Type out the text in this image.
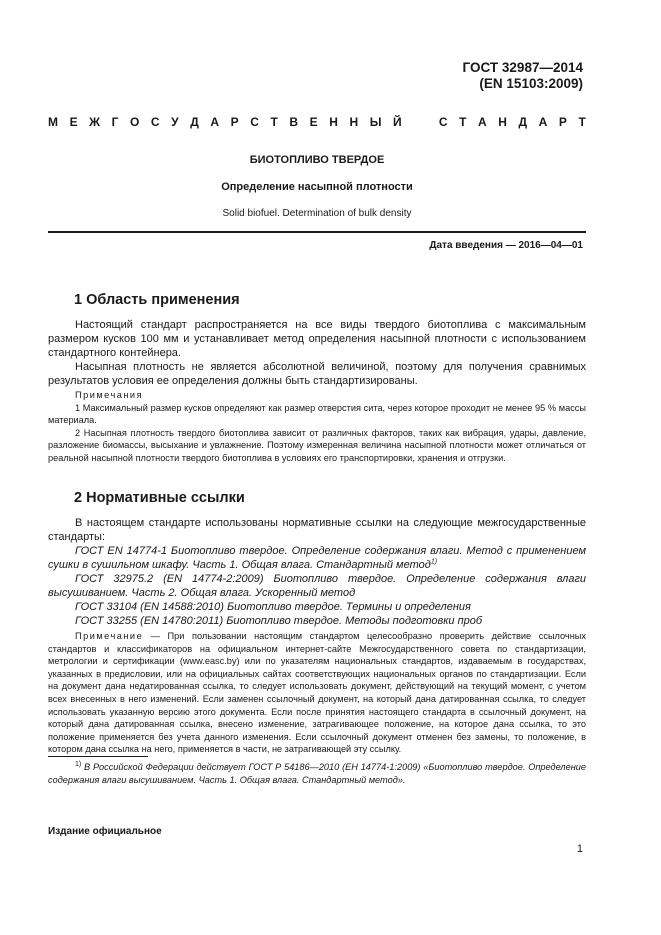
ГОСТ 32987—2014
(EN 15103:2009)
М Е Ж Г О С У Д А Р С Т В Е Н Н Ы Й	С Т А Н Д А Р Т
БИОТОПЛИВО ТВЕРДОЕ
Определение насыпной плотности
Solid biofuel. Determination of bulk density
Дата введения — 2016—04—01
1 Область применения

Настоящий стандарт распространяется на все виды твердого биотоплива с максимальным размером кусков 100 мм и устанавливает метод определения насыпной плотности с использованием стандартного контейнера.

Насыпная плотность не является абсолютной величиной, поэтому для получения сравнимых результатов условия ее определения должны быть стандартизированы.

Примечания

1 Максимальный размер кусков определяют как размер отверстия сита, через которое проходит не менее 95 % массы материала.

2 Насыпная плотность твердого биотоплива зависит от различных факторов, таких как вибрация, удары, давление, разложение биомассы, высыхание и увлажнение. Поэтому измеренная величина насыпной плотности может отличаться от реальной насыпной плотности твердого биотоплива в условиях его транспортировки, хранения и отгрузки.

2 Нормативные ссылки

В настоящем стандарте использованы нормативные ссылки на следующие межгосударственные стандарты:

ГОСТ EN 14774-1 Биотопливо твердое. Определение содержания влаги. Метод с применением сушки в сушильном шкафу. Часть 1. Общая влага. Стандартный метод$^{1)}$

ГОСТ 32975.2 (EN 14774-2:2009) Биотопливо твердое. Определение содержания влаги высушиванием. Часть 2. Общая влага. Ускоренный метод

ГОСТ 33104 (EN 14588:2010) Биотопливо твердое. Термины и определения

ГОСТ 33255 (EN 14780:2011) Биотопливо твердое. Методы подготовки проб

Примечание — При пользовании настоящим стандартом целесообразно проверить действие ссылочных стандартов и классификаторов на официальном интернет-сайте Межгосударственного совета по стандартизации, метрологии и сертификации (www.easc.by) или по указателям национальных стандартов, издаваемым в государствах, указанных в предисловии, или на официальных сайтах соответствующих национальных органов по стандартизации. Если на документ дана недатированная ссылка, то следует использовать документ, действующий на текущий момент, с учетом всех внесенных в него изменений. Если заменен ссылочный документ, на который дана датированная ссылка, то следует использовать указанную версию этого документа. Если после принятия настоящего стандарта в ссылочный документ, на который дана датированная ссылка, внесено изменение, затрагивающее положение, на которое дана ссылка, то это положение применяется без учета данного изменения. Если ссылочный документ отменен без замены, то положение, в котором дана ссылка на него, применяется в части, не затрагивающей эту ссылку.

$^{1)}$ В Российской Федерации действует ГОСТ Р 54186—2010 (ЕН 14774-1:2009) «Биотопливо твердое. Определение содержания влаги высушиванием. Часть 1. Общая влага. Стандартный метод».

Издание официальное
1
